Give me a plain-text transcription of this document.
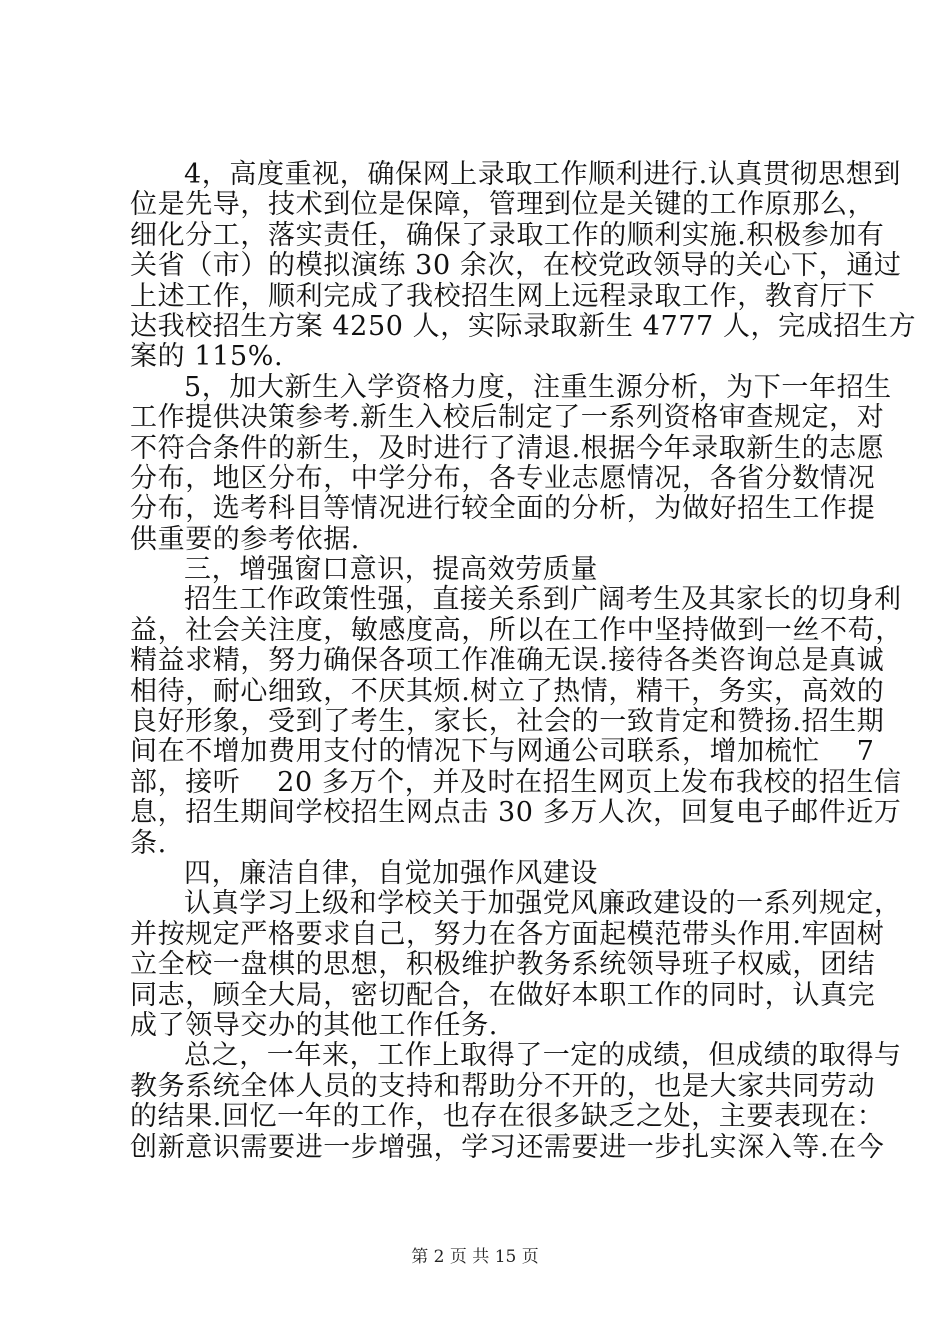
4，高度重视，确保网上录取工作顺利进行.认真贯彻思想到
位是先导，技术到位是保障，管理到位是关键的工作原那么，
细化分工，落实责任，确保了录取工作的顺利实施.积极参加有
关省（市）的模拟演练 30 余次，在校党政领导的关心下，通过
上述工作，顺利完成了我校招生网上远程录取工作，教育厅下
达我校招生方案 4250 人，实际录取新生 4777 人，完成招生方
案的 115%.
5，加大新生入学资格力度，注重生源分析，为下一年招生
工作提供决策参考.新生入校后制定了一系列资格审查规定，对
不符合条件的新生，及时进行了清退.根据今年录取新生的志愿
分布，地区分布，中学分布，各专业志愿情况，各省分数情况
分布，选考科目等情况进行较全面的分析，为做好招生工作提
供重要的参考依据.
三，增强窗口意识，提高效劳质量
招生工作政策性强，直接关系到广阔考生及其家长的切身利
益，社会关注度，敏感度高，所以在工作中坚持做到一丝不苟，
精益求精，努力确保各项工作准确无误.接待各类咨询总是真诚
相待，耐心细致，不厌其烦.树立了热情，精干，务实，高效的
良好形象，受到了考生，家长，社会的一致肯定和赞扬.招生期
间在不增加费用支付的情况下与网通公司联系，增加梳忙　 7
部，接听　 20 多万个，并及时在招生网页上发布我校的招生信
息，招生期间学校招生网点击 30 多万人次，回复电子邮件近万
条.
四，廉洁自律，自觉加强作风建设
认真学习上级和学校关于加强党风廉政建设的一系列规定，
并按规定严格要求自己，努力在各方面起模范带头作用.牢固树
立全校一盘棋的思想，积极维护教务系统领导班子权威，团结
同志，顾全大局，密切配合，在做好本职工作的同时，认真完
成了领导交办的其他工作任务.
总之，一年来，工作上取得了一定的成绩，但成绩的取得与
教务系统全体人员的支持和帮助分不开的，也是大家共同劳动
的结果.回忆一年的工作，也存在很多缺乏之处，主要表现在：
创新意识需要进一步增强，学习还需要进一步扎实深入等.在今
第 2 页 共 15 页
